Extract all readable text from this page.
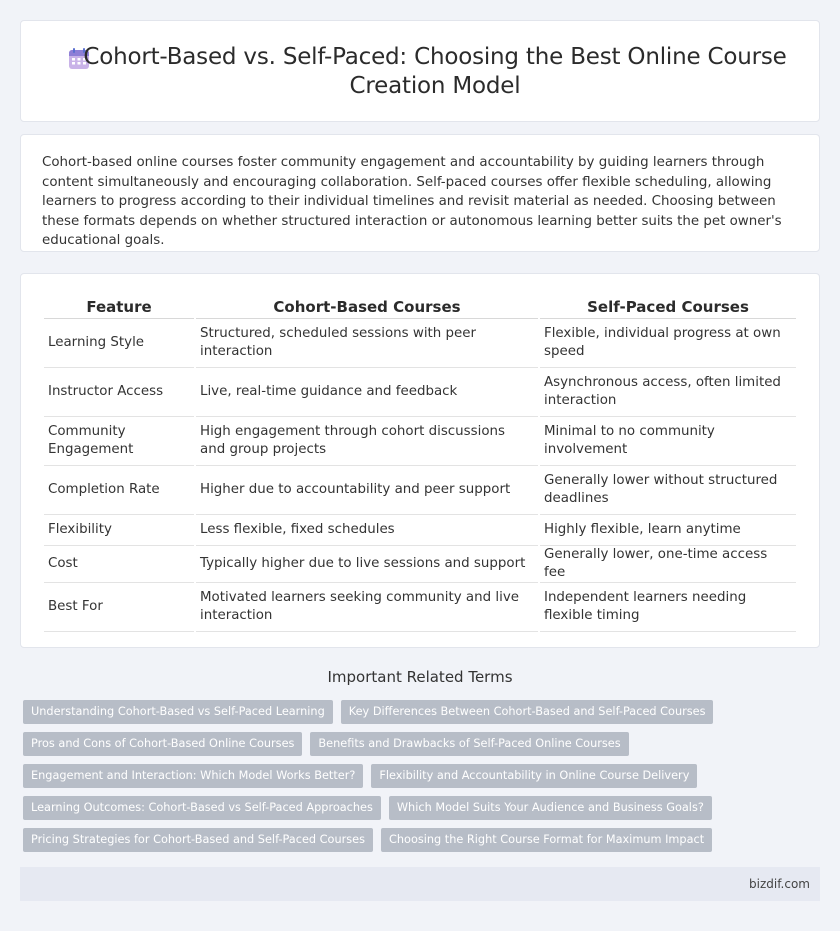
Cohort-Based vs. Self-Paced: Choosing the Best Online Course Creation Model

Cohort-based online courses foster community engagement and accountability by guiding learners through content simultaneously and encouraging collaboration. Self-paced courses offer flexible scheduling, allowing learners to progress according to their individual timelines and revisit material as needed. Choosing between these formats depends on whether structured interaction or autonomous learning better suits the pet owner's educational goals.

Feature	Cohort-Based Courses	Self-Paced Courses
Learning Style	Structured, scheduled sessions with peer interaction	Flexible, individual progress at own speed
Instructor Access	Live, real-time guidance and feedback	Asynchronous access, often limited interaction
Community Engagement	High engagement through cohort discussions and group projects	Minimal to no community involvement
Completion Rate	Higher due to accountability and peer support	Generally lower without structured deadlines
Flexibility	Less flexible, fixed schedules	Highly flexible, learn anytime
Cost	Typically higher due to live sessions and support	Generally lower, one-time access fee
Best For	Motivated learners seeking community and live interaction	Independent learners needing flexible timing
Important Related Terms
Understanding Cohort-Based vs Self-Paced Learning	Key Differences Between Cohort-Based and Self-Paced Courses
Pros and Cons of Cohort-Based Online Courses	Benefits and Drawbacks of Self-Paced Online Courses
Engagement and Interaction: Which Model Works Better?	Flexibility and Accountability in Online Course Delivery
Learning Outcomes: Cohort-Based vs Self-Paced Approaches	Which Model Suits Your Audience and Business Goals?
Pricing Strategies for Cohort-Based and Self-Paced Courses	Choosing the Right Course Format for Maximum Impact
bizdif.com
